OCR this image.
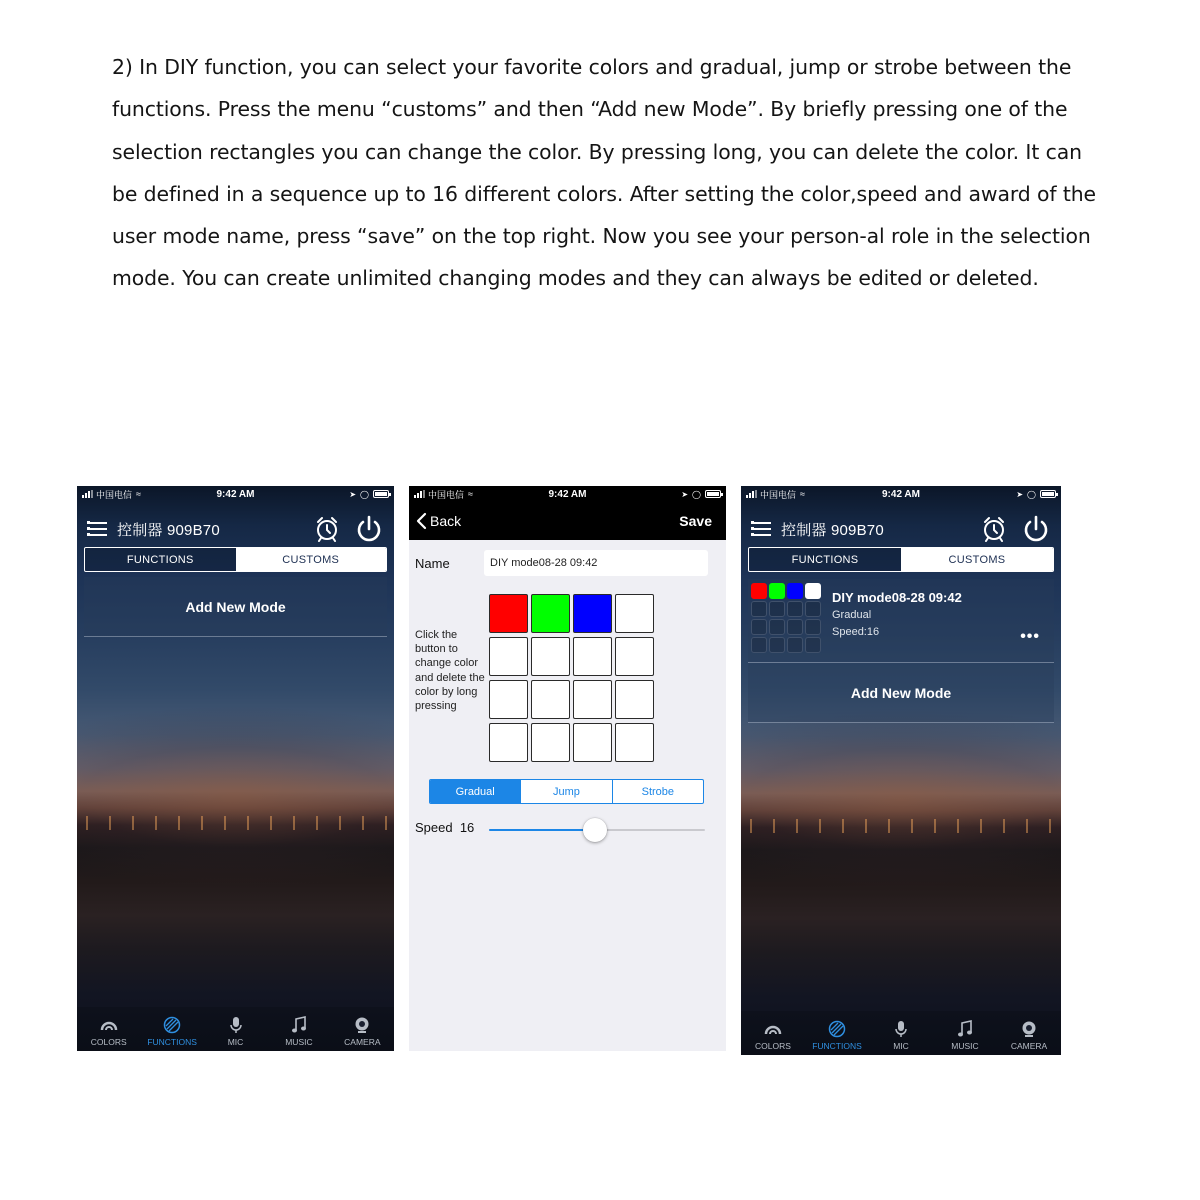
2) In DIY function, you can select your favorite colors and gradual, jump or strobe between the functions. Press the menu “customs” and then “Add new Mode”. By briefly pressing one of the selection rectangles you can change the color. By pressing long, you can delete the color. It can be defined in a sequence up to 16 different colors. After setting the color,speed and award of the user mode name, press “save” on the top right. Now you see your person-al role in the selection mode. You can create unlimited changing modes and they can always be edited or deleted.

中国电信 ≈	9:42 AM	➤ ◯
控制器 909B70
FUNCTIONS	CUSTOMS
Add New Mode
COLORS FUNCTIONS	MIC	MUSIC	CAMERA
中国电信 ≈	9:42 AM	➤ ◯
Back	Save
Name
DIY mode08-28 09:42

Click the button to change color and delete the color by long pressing

Gradual	Jump	Strobe
Speed 16
中国电信 ≈	9:42 AM	➤ ◯
控制器 909B70
FUNCTIONS	CUSTOMS
DIY mode08-28 09:42
Gradual
Speed:16	•••
Add New Mode
COLORS	FUNCTIONS	MIC	MUSIC	CAMERA
